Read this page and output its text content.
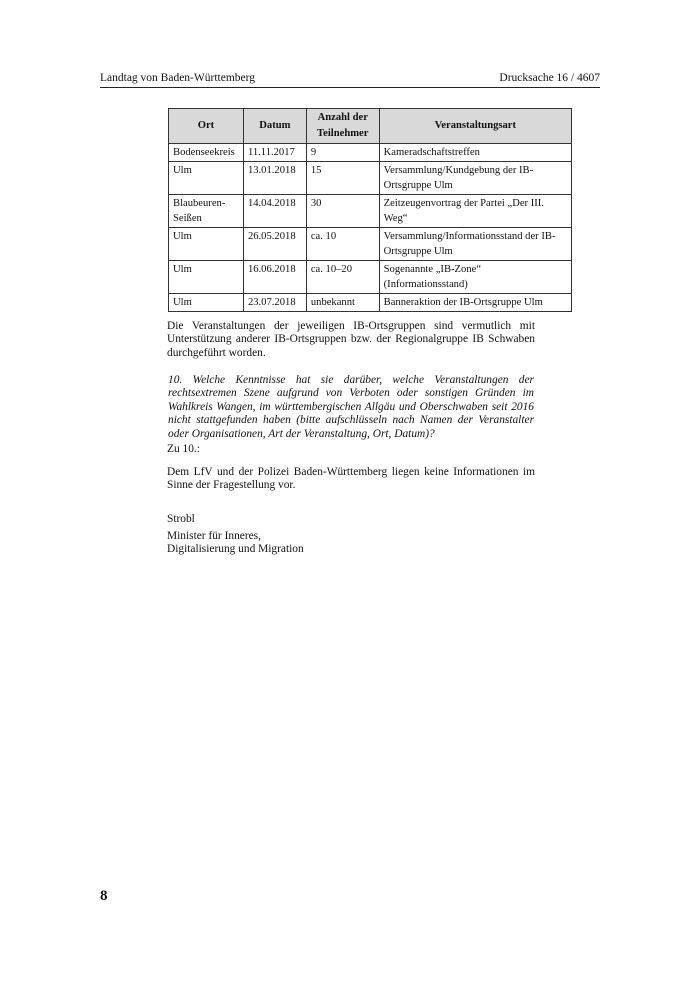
Landtag von Baden-Württemberg	Drucksache 16 / 4607
Ort	Datum	Anzahl der Teilnehmer	Veranstaltungsart
Bodenseekreis	11.11.2017	9	Kameradschaftstreffen
Ulm	13.01.2018	15	Versammlung/Kundgebung der IB-Ortsgruppe Ulm
Blaubeuren-Seißen	14.04.2018	30	Zeitzeugenvortrag der Partei „Der III. Weg“
Ulm	26.05.2018	ca. 10	Versammlung/Informationsstand der IB-Ortsgruppe Ulm
Ulm	16.06.2018	ca. 10–20	Sogenannte „IB-Zone“ (Informationsstand)
Ulm	23.07.2018	unbekannt	Banneraktion der IB-Ortsgruppe Ulm

Die Veranstaltungen der jeweiligen IB-Ortsgruppen sind vermutlich mit Unterstützung anderer IB-Ortsgruppen bzw. der Regionalgruppe IB Schwaben durchgeführt worden.

10. Welche Kenntnisse hat sie darüber, welche Veranstaltungen der rechtsextremen Szene aufgrund von Verboten oder sonstigen Gründen im Wahlkreis Wangen, im württembergischen Allgäu und Oberschwaben seit 2016 nicht stattgefunden haben (bitte aufschlüsseln nach Namen der Veranstalter oder Organisationen, Art der Veranstaltung, Ort, Datum)?

Zu 10.:

Dem LfV und der Polizei Baden-Württemberg liegen keine Informationen im Sinne der Fragestellung vor.

Strobl

Minister für Inneres,
Digitalisierung und Migration
8
